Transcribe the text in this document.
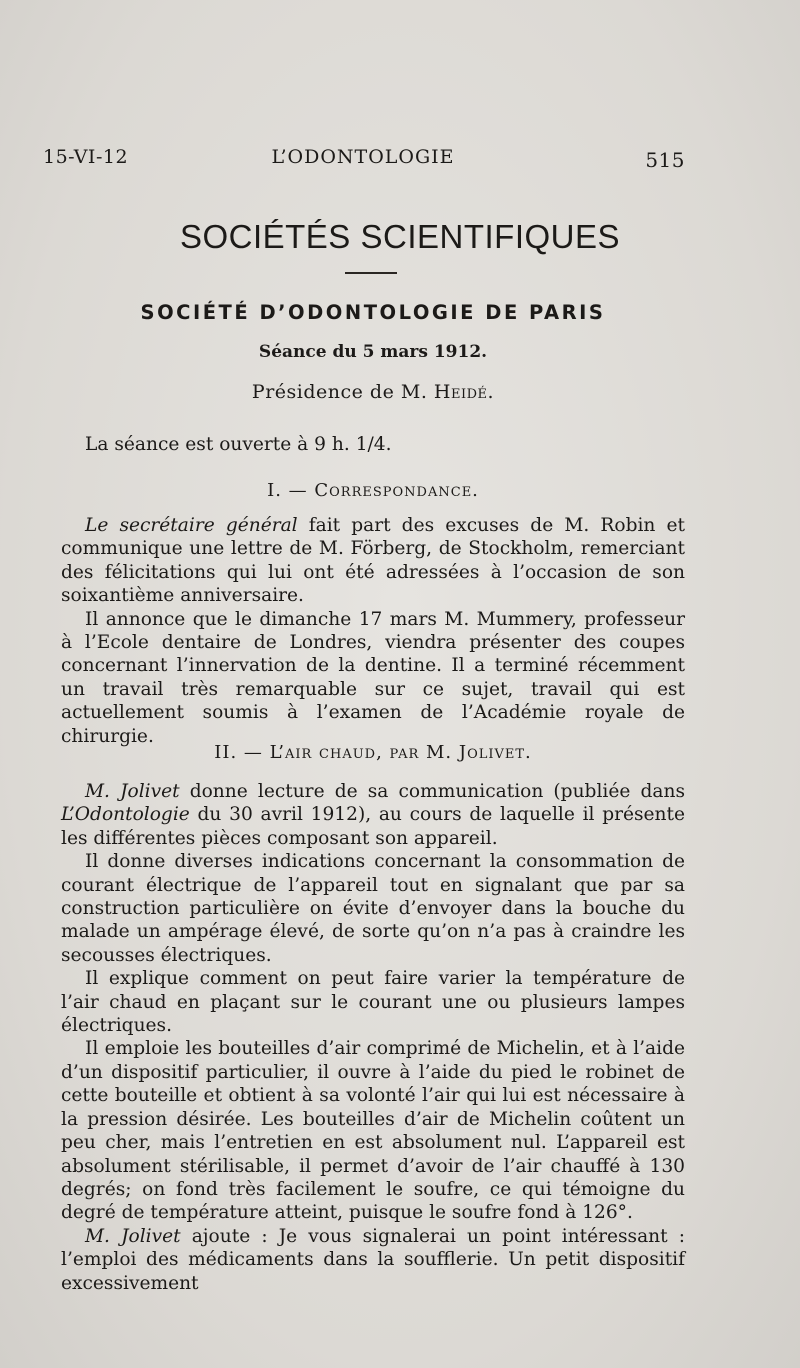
15-VI-12	L’ODONTOLOGIE	515
SOCIÉTÉS SCIENTIFIQUES
SOCIÉTÉ D’ODONTOLOGIE DE PARIS
Séance du 5 mars 1912.
Présidence de M. Heidé.

La séance est ouverte à 9 h. 1/4.

I. — Correspondance.

Le secrétaire général fait part des excuses de M. Robin et communique une lettre de M. Förberg, de Stockholm, remerciant des félicitations qui lui ont été adressées à l’occasion de son soixantième anniversaire.

Il annonce que le dimanche 17 mars M. Mummery, professeur à l’Ecole dentaire de Londres, viendra présenter des coupes concernant l’innervation de la dentine. Il a terminé récemment un travail très remarquable sur ce sujet, travail qui est actuellement soumis à l’examen de l’Académie royale de chirurgie.

II. — L’air chaud, par M. Jolivet.

M. Jolivet donne lecture de sa communication (publiée dans L’Odontologie du 30 avril 1912), au cours de laquelle il présente les différentes pièces composant son appareil.

Il donne diverses indications concernant la consommation de courant électrique de l’appareil tout en signalant que par sa construction particulière on évite d’envoyer dans la bouche du malade un ampérage élevé, de sorte qu’on n’a pas à craindre les secousses électriques.

Il explique comment on peut faire varier la température de l’air chaud en plaçant sur le courant une ou plusieurs lampes électriques.

Il emploie les bouteilles d’air comprimé de Michelin, et à l’aide d’un dispositif particulier, il ouvre à l’aide du pied le robinet de cette bouteille et obtient à sa volonté l’air qui lui est nécessaire à la pression désirée. Les bouteilles d’air de Michelin coûtent un peu cher, mais l’entretien en est absolument nul. L’appareil est absolument stérilisable, il permet d’avoir de l’air chauffé à 130 degrés; on fond très facilement le soufre, ce qui témoigne du degré de température atteint, puisque le soufre fond à 126°.

M. Jolivet ajoute : Je vous signalerai un point intéressant : l’emploi des médicaments dans la soufflerie. Un petit dispositif excessivement
